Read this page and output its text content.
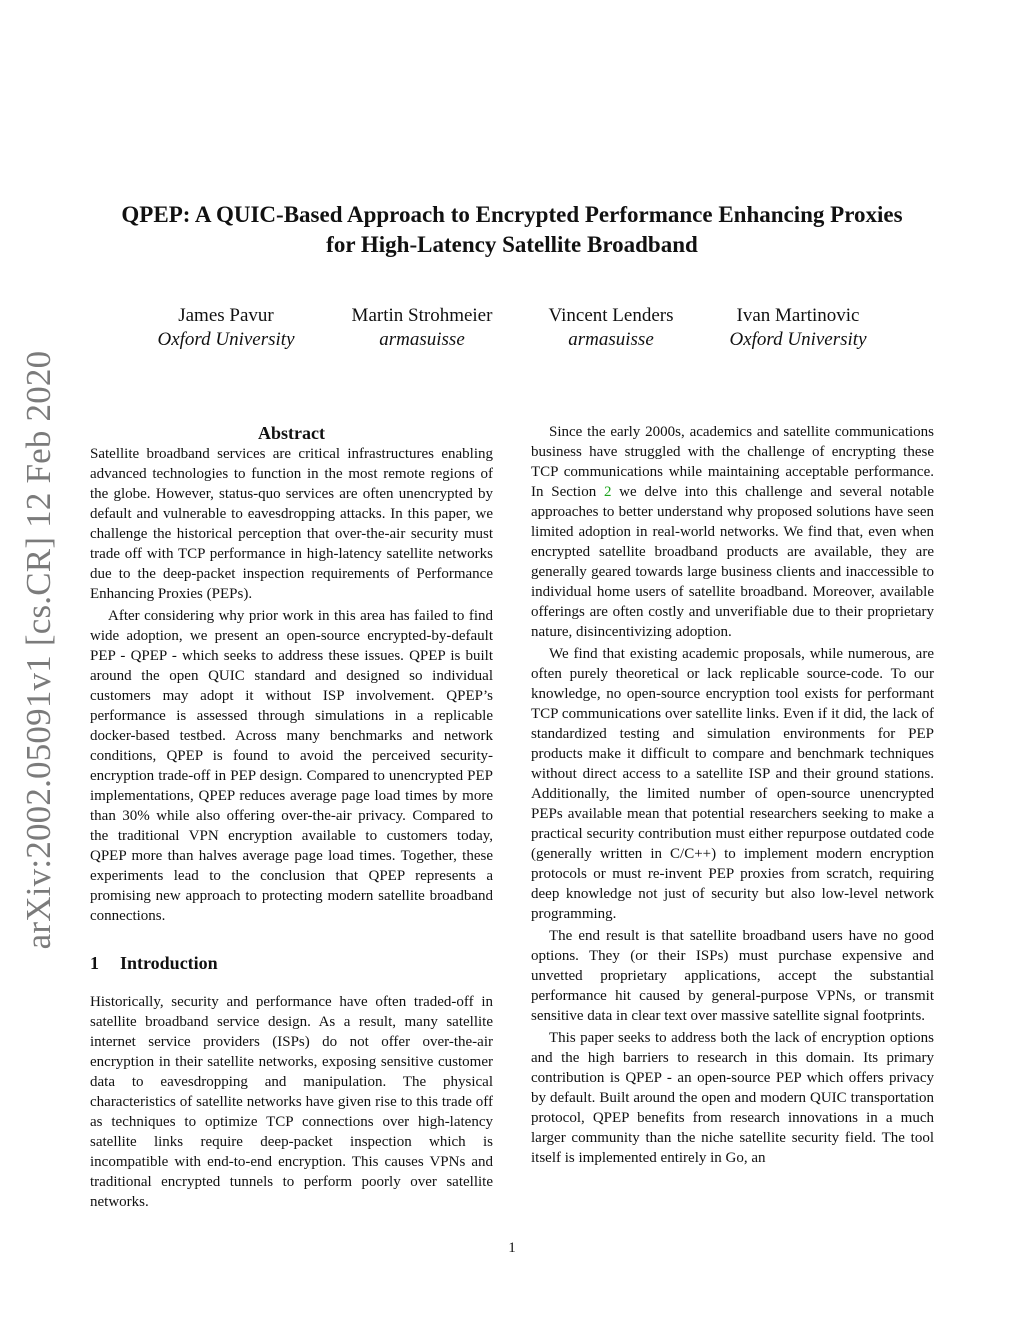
arXiv:2002.05091v1 [cs.CR] 12 Feb 2020
QPEP: A QUIC-Based Approach to Encrypted Performance Enhancing Proxies
for High-Latency Satellite Broadband
James Pavur
Oxford University
Martin Strohmeier
armasuisse
Vincent Lenders
armasuisse
Ivan Martinovic
Oxford University
Abstract

Satellite broadband services are critical infrastructures enabling advanced technologies to function in the most remote regions of the globe. However, status-quo services are often unencrypted by default and vulnerable to eavesdropping attacks. In this paper, we challenge the historical perception that over-the-air security must trade off with TCP performance in high-latency satellite networks due to the deep-packet inspection requirements of Performance Enhancing Proxies (PEPs).

After considering why prior work in this area has failed to find wide adoption, we present an open-source encrypted-by-default PEP - QPEP - which seeks to address these issues. QPEP is built around the open QUIC standard and designed so individual customers may adopt it without ISP involvement. QPEP’s performance is assessed through simulations in a replicable docker-based testbed. Across many benchmarks and network conditions, QPEP is found to avoid the perceived security-encryption trade-off in PEP design. Compared to unencrypted PEP implementations, QPEP reduces average page load times by more than 30% while also offering over-the-air privacy. Compared to the traditional VPN encryption available to customers today, QPEP more than halves average page load times. Together, these experiments lead to the conclusion that QPEP represents a promising new approach to protecting modern satellite broadband connections.

1 Introduction

Historically, security and performance have often traded-off in satellite broadband service design. As a result, many satellite internet service providers (ISPs) do not offer over-the-air encryption in their satellite networks, exposing sensitive customer data to eavesdropping and manipulation. The physical characteristics of satellite networks have given rise to this trade off as techniques to optimize TCP connections over high-latency satellite links require deep-packet inspection which is incompatible with end-to-end encryption. This causes VPNs and traditional encrypted tunnels to perform poorly over satellite networks.

Since the early 2000s, academics and satellite communications business have struggled with the challenge of encrypting these TCP communications while maintaining acceptable performance. In Section 2 we delve into this challenge and several notable approaches to better understand why proposed solutions have seen limited adoption in real-world networks. We find that, even when encrypted satellite broadband products are available, they are generally geared towards large business clients and inaccessible to individual home users of satellite broadband. Moreover, available offerings are often costly and unverifiable due to their proprietary nature, disincentivizing adoption.

We find that existing academic proposals, while numerous, are often purely theoretical or lack replicable source-code. To our knowledge, no open-source encryption tool exists for performant TCP communications over satellite links. Even if it did, the lack of standardized testing and simulation environments for PEP products make it difficult to compare and benchmark techniques without direct access to a satellite ISP and their ground stations. Additionally, the limited number of open-source unencrypted PEPs available mean that potential researchers seeking to make a practical security contribution must either repurpose outdated code (generally written in C/C++) to implement modern encryption protocols or must re-invent PEP proxies from scratch, requiring deep knowledge not just of security but also low-level network programming.

The end result is that satellite broadband users have no good options. They (or their ISPs) must purchase expensive and unvetted proprietary applications, accept the substantial performance hit caused by general-purpose VPNs, or transmit sensitive data in clear text over massive satellite signal footprints.

This paper seeks to address both the lack of encryption options and the high barriers to research in this domain. Its primary contribution is QPEP - an open-source PEP which offers privacy by default. Built around the open and modern QUIC transportation protocol, QPEP benefits from research innovations in a much larger community than the niche satellite security field. The tool itself is implemented entirely in Go, an

1
